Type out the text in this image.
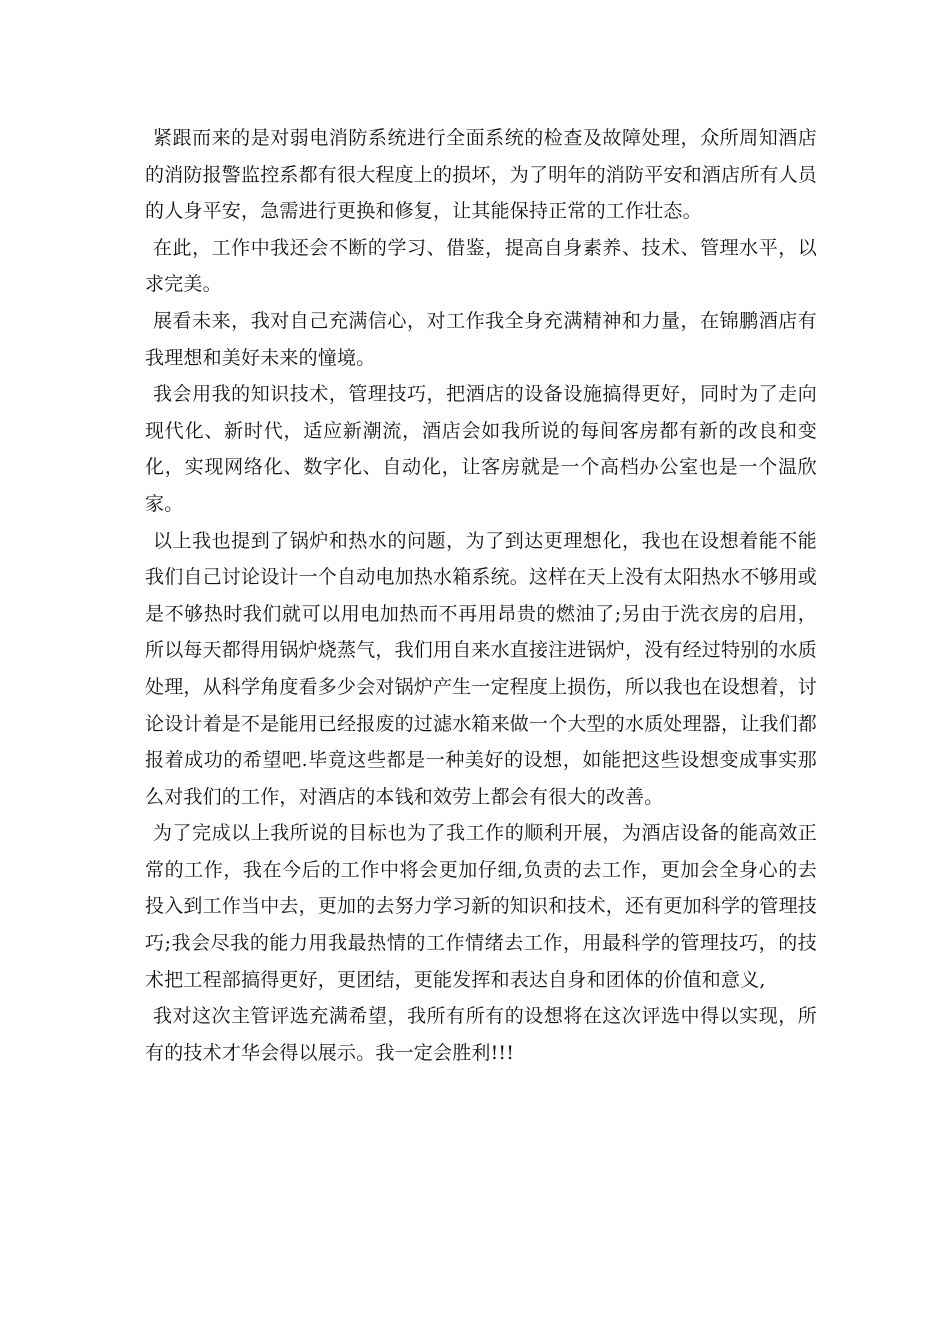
紧跟而来的是对弱电消防系统进行全面系统的检查及故障处理，众所周知酒店的消防报警监控系都有很大程度上的损坏，为了明年的消防平安和酒店所有人员的人身平安，急需进行更换和修复，让其能保持正常的工作壮态。

在此，工作中我还会不断的学习、借鉴，提高自身素养、技术、管理水平，以求完美。

展看未来，我对自己充满信心，对工作我全身充满精神和力量，在锦鹏酒店有我理想和美好未来的憧境。

我会用我的知识技术，管理技巧，把酒店的设备设施搞得更好，同时为了走向现代化、新时代，适应新潮流，酒店会如我所说的每间客房都有新的改良和变化，实现网络化、数字化、自动化，让客房就是一个高档办公室也是一个温欣家。

以上我也提到了锅炉和热水的问题，为了到达更理想化，我也在设想着能不能我们自己讨论设计一个自动电加热水箱系统。这样在天上没有太阳热水不够用或是不够热时我们就可以用电加热而不再用昂贵的燃油了;另由于洗衣房的启用，所以每天都得用锅炉烧蒸气，我们用自来水直接注进锅炉，没有经过特别的水质处理，从科学角度看多少会对锅炉产生一定程度上损伤，所以我也在设想着，讨论设计着是不是能用已经报废的过滤水箱来做一个大型的水质处理器，让我们都报着成功的希望吧.毕竟这些都是一种美好的设想，如能把这些设想变成事实那么对我们的工作，对酒店的本钱和效劳上都会有很大的改善。

为了完成以上我所说的目标也为了我工作的顺利开展，为酒店设备的能高效正常的工作，我在今后的工作中将会更加仔细,负责的去工作，更加会全身心的去投入到工作当中去，更加的去努力学习新的知识和技术，还有更加科学的管理技巧;我会尽我的能力用我最热情的工作情绪去工作，用最科学的管理技巧，的技术把工程部搞得更好，更团结，更能发挥和表达自身和团体的价值和意义,

我对这次主管评选充满希望，我所有所有的设想将在这次评选中得以实现，所有的技术才华会得以展示。我一定会胜利!!!
